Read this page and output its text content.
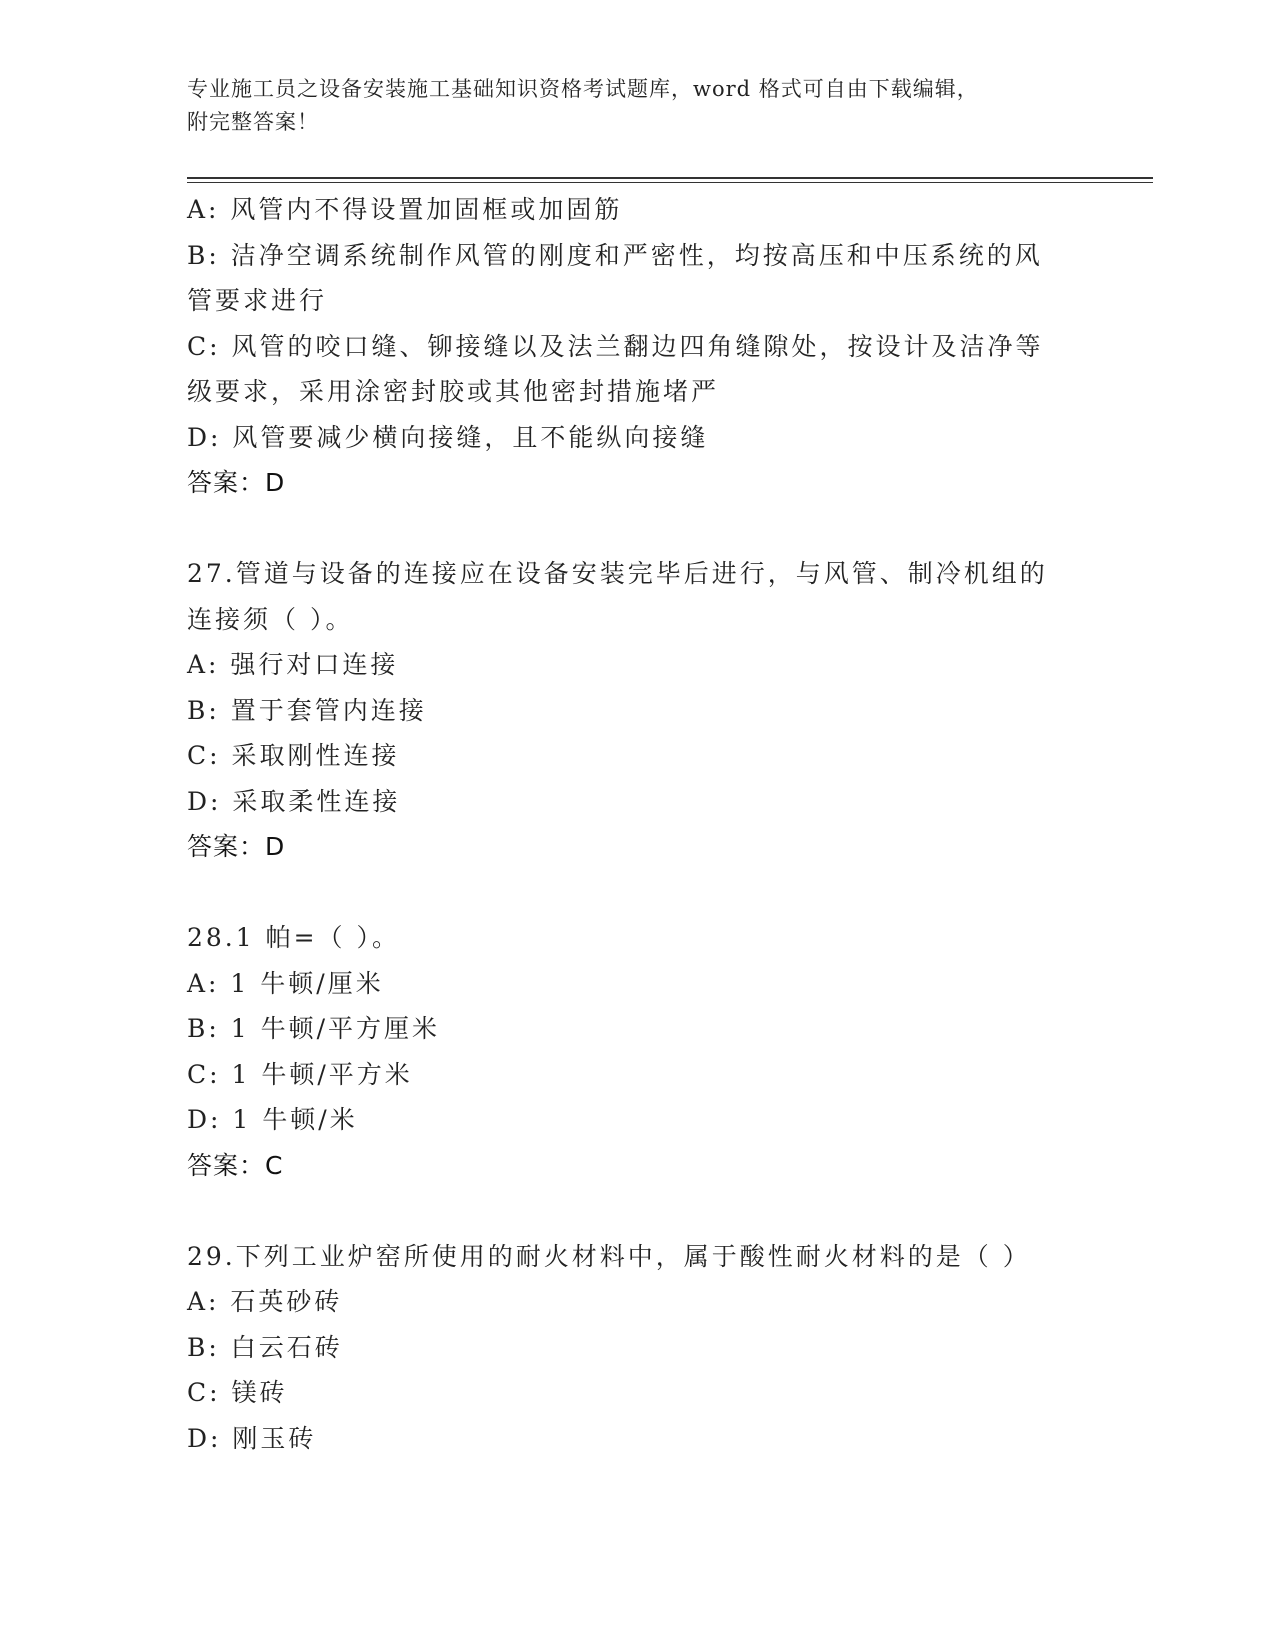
专业施工员之设备安装施工基础知识资格考试题库，word 格式可自由下载编辑，
附完整答案！
A: 风管内不得设置加固框或加固筋
B: 洁净空调系统制作风管的刚度和严密性，均按高压和中压系统的风
管要求进行
C: 风管的咬口缝、铆接缝以及法兰翻边四角缝隙处，按设计及洁净等
级要求，采用涂密封胶或其他密封措施堵严
D: 风管要减少横向接缝，且不能纵向接缝
答案：D
27.管道与设备的连接应在设备安装完毕后进行，与风管、制冷机组的
连接须（ ）。
A: 强行对口连接
B: 置于套管内连接
C: 采取刚性连接
D: 采取柔性连接
答案：D
28.1 帕=（ ）。
A: 1 牛顿/厘米
B: 1 牛顿/平方厘米
C: 1 牛顿/平方米
D: 1 牛顿/米
答案：C
29.下列工业炉窑所使用的耐火材料中，属于酸性耐火材料的是（ ）
A: 石英砂砖
B: 白云石砖
C: 镁砖
D: 刚玉砖
